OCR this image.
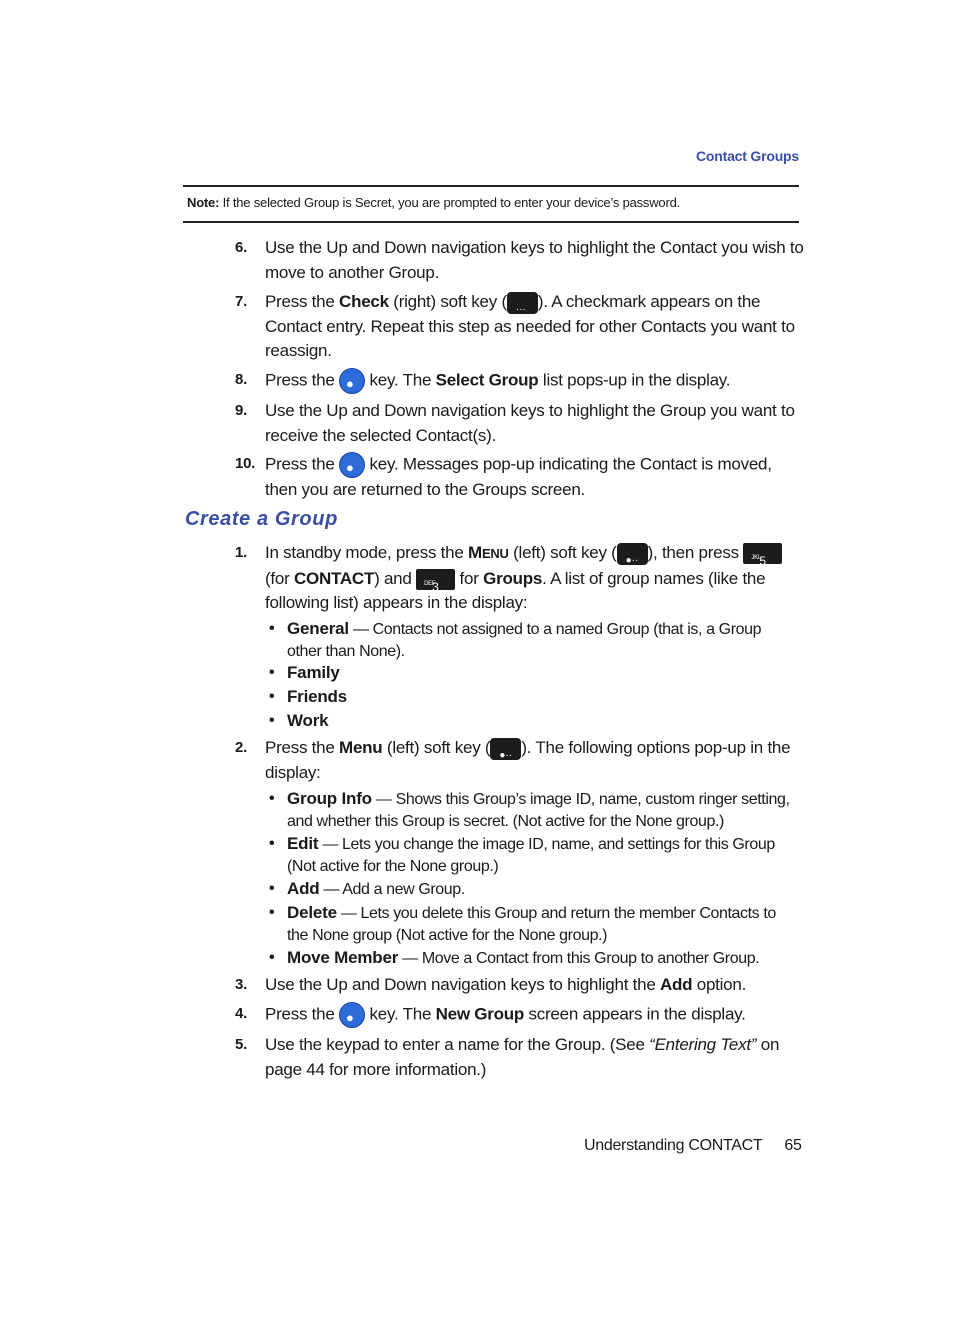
Contact Groups
Note: If the selected Group is Secret, you are prompted to enter your device’s password.
6. Use the Up and Down navigation keys to highlight the Contact you wish to move to another Group.
7. Press the Check (right) soft key ( ··· ). A checkmark appears on the Contact entry. Repeat this step as needed for other Contacts you want to reassign.
8. Press the ● key. The Select Group list pops-up in the display.
9. Use the Up and Down navigation keys to highlight the Group you want to receive the selected Contact(s).
10. Press the ● key. Messages pop-up indicating the Contact is moved, then you are returned to the Groups screen.
Create a Group
1. In standby mode, press the MENU (left) soft key ( ●·· ), then press 5
$^{JKL}$

(for CONTACT) and 3
$^{DEF}$ for Groups. A list of group names (like the following list) appears in the display:
• General — Contacts not assigned to a named Group (that is, a Group other than None).
• Family
• Friends
• Work
2. Press the Menu (left) soft key ( ●·· ). The following options pop-up in the display:
• Group Info — Shows this Group’s image ID, name, custom ringer setting, and whether this Group is secret. (Not active for the None group.)
• Edit — Lets you change the image ID, name, and settings for this Group (Not active for the None group.)
• Add — Add a new Group.
• Delete — Lets you delete this Group and return the member Contacts to the None group (Not active for the None group.)
• Move Member — Move a Contact from this Group to another Group.
3. Use the Up and Down navigation keys to highlight the Add option.
4. Press the ● key. The New Group screen appears in the display.
5. Use the keypad to enter a name for the Group. (See “Entering Text” on page 44 for more information.)
Understanding CONTACT 65
